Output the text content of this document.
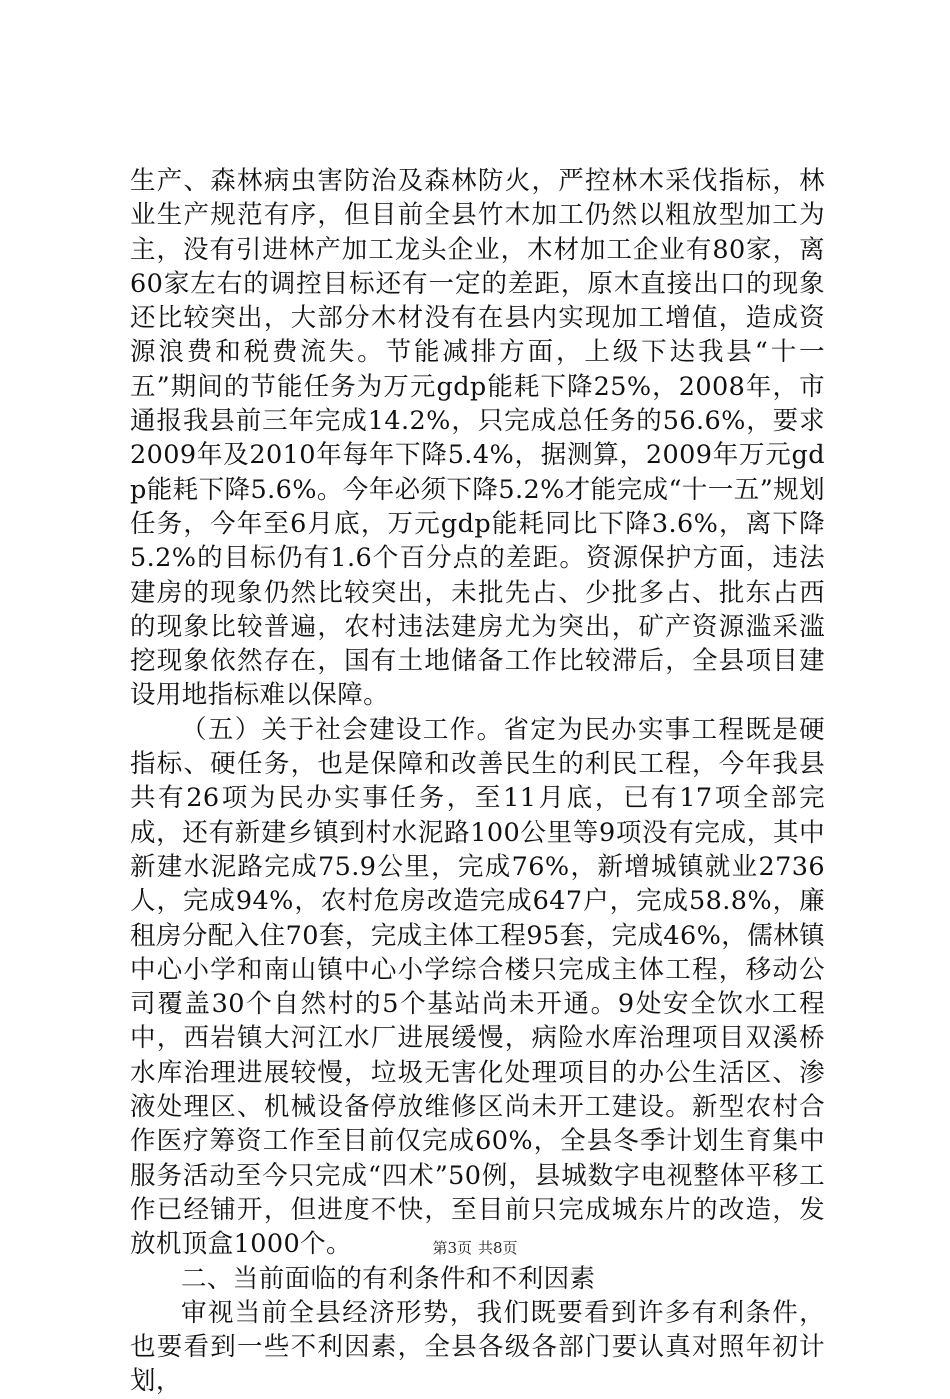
生产、森林病虫害防治及森林防火，严控林木采伐指标，林业生产规范有序，但目前全县竹木加工仍然以粗放型加工为主，没有引进林产加工龙头企业，木材加工企业有80家，离60家左右的调控目标还有一定的差距，原木直接出口的现象还比较突出，大部分木材没有在县内实现加工增值，造成资源浪费和税费流失。节能减排方面，上级下达我县“十一五”期间的节能任务为万元gdp能耗下降25%，2008年，市通报我县前三年完成14.2%，只完成总任务的56.6%，要求2009年及2010年每年下降5.4%，据测算，2009年万元gdp能耗下降5.6%。今年必须下降5.2%才能完成“十一五”规划任务，今年至6月底，万元gdp能耗同比下降3.6%，离下降5.2%的目标仍有1.6个百分点的差距。资源保护方面，违法建房的现象仍然比较突出，未批先占、少批多占、批东占西的现象比较普遍，农村违法建房尤为突出，矿产资源滥采滥挖现象依然存在，国有土地储备工作比较滞后，全县项目建设用地指标难以保障。

（五）关于社会建设工作。省定为民办实事工程既是硬指标、硬任务，也是保障和改善民生的利民工程，今年我县共有26项为民办实事任务，至11月底，已有17项全部完成，还有新建乡镇到村水泥路100公里等9项没有完成，其中新建水泥路完成75.9公里，完成76%，新增城镇就业2736人，完成94%，农村危房改造完成647户，完成58.8%，廉租房分配入住70套，完成主体工程95套，完成46%，儒林镇中心小学和南山镇中心小学综合楼只完成主体工程，移动公司覆盖30个自然村的5个基站尚未开通。9处安全饮水工程中，西岩镇大河江水厂进展缓慢，病险水库治理项目双溪桥水库治理进展较慢，垃圾无害化处理项目的办公生活区、渗液处理区、机械设备停放维修区尚未开工建设。新型农村合作医疗筹资工作至目前仅完成60%，全县冬季计划生育集中服务活动至今只完成“四术”50例，县城数字电视整体平移工作已经铺开，但进度不快，至目前只完成城东片的改造，发放机顶盒1000个。

二、当前面临的有利条件和不利因素

审视当前全县经济形势，我们既要看到许多有利条件，也要看到一些不利因素，全县各级各部门要认真对照年初计划，

第3页 共8页
